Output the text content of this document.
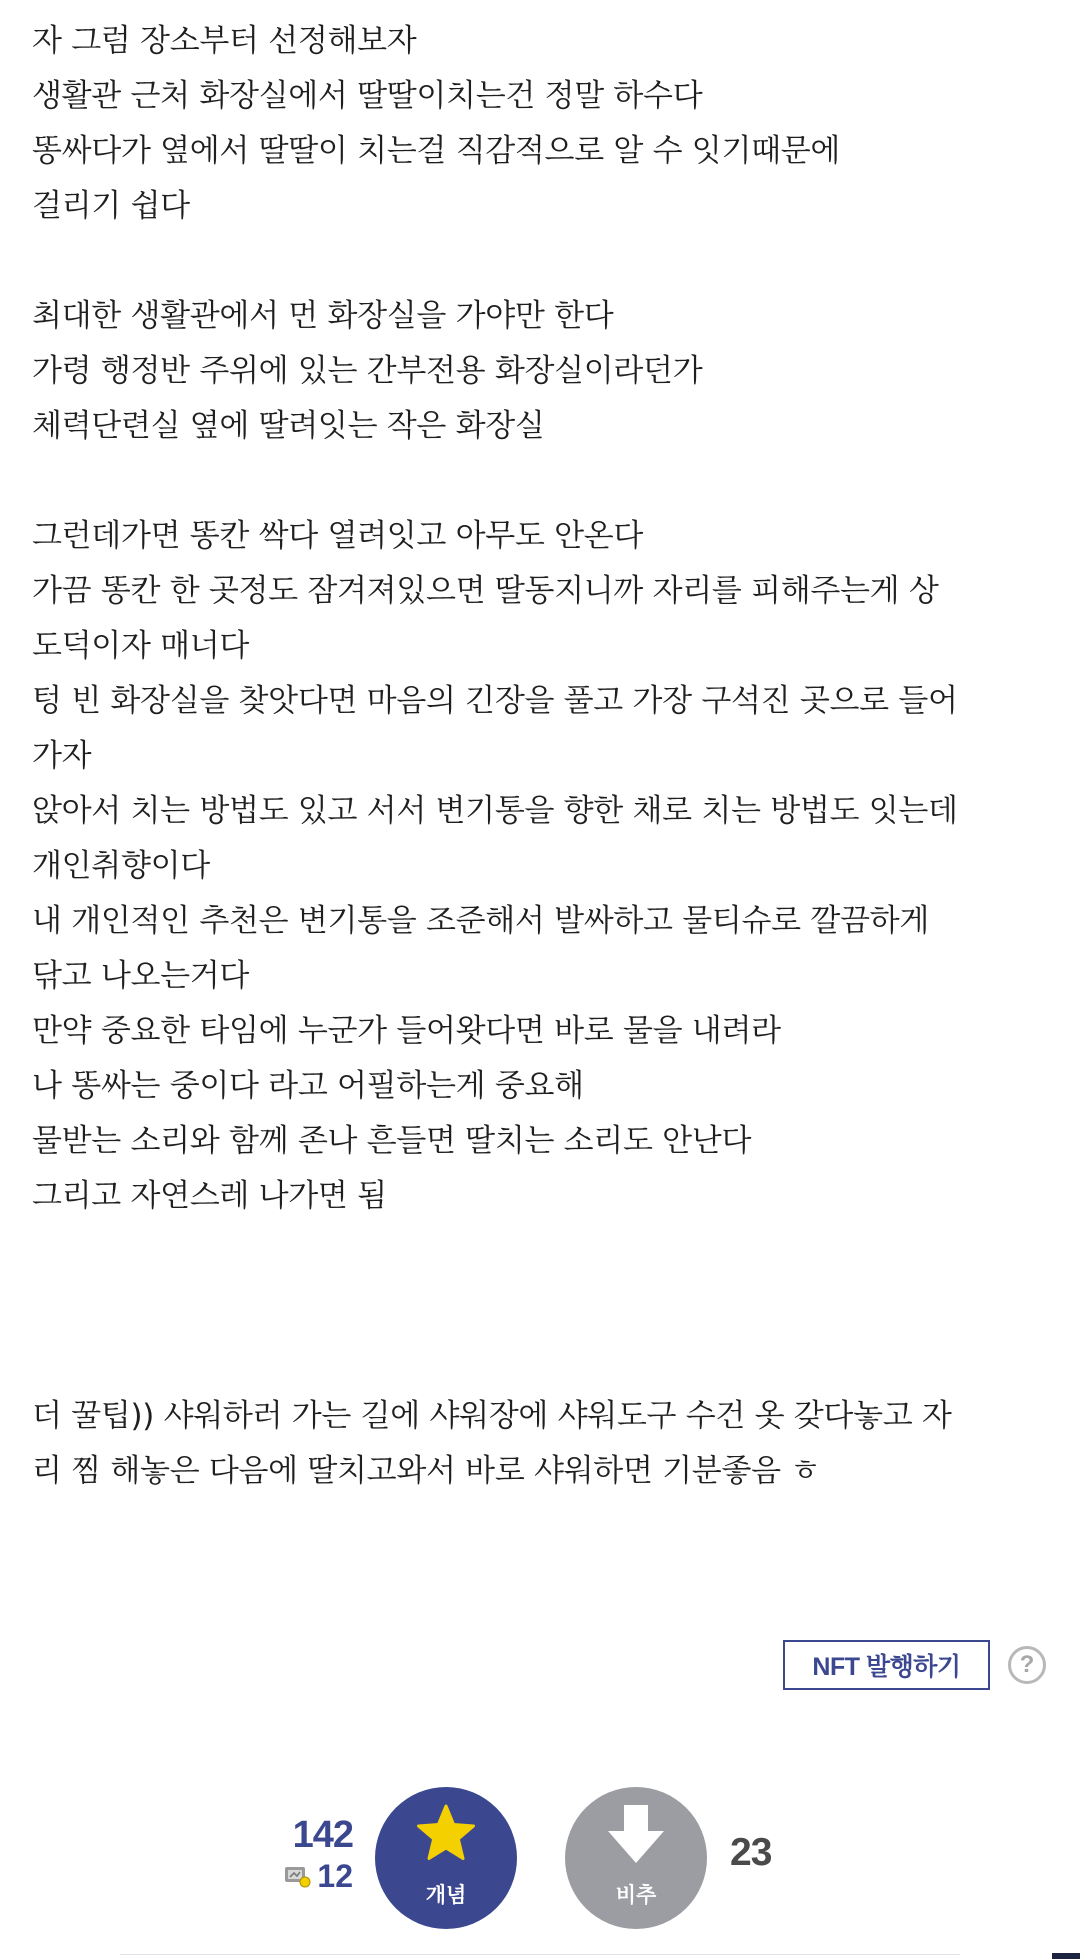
자 그럼 장소부터 선정해보자
생활관 근처 화장실에서 딸딸이치는건 정말 하수다
똥싸다가 옆에서 딸딸이 치는걸 직감적으로 알 수 잇기때문에
걸리기 쉽다
최대한 생활관에서 먼 화장실을 가야만 한다
가령 행정반 주위에 있는 간부전용 화장실이라던가
체력단련실 옆에 딸려잇는 작은 화장실
그런데가면 똥칸 싹다 열려잇고 아무도 안온다
가끔 똥칸 한 곳정도 잠겨져있으면 딸동지니까 자리를 피해주는게 상
도덕이자 매너다
텅 빈 화장실을 찾앗다면 마음의 긴장을 풀고 가장 구석진 곳으로 들어
가자
앉아서 치는 방법도 있고 서서 변기통을 향한 채로 치는 방법도 잇는데
개인취향이다
내 개인적인 추천은 변기통을 조준해서 발싸하고 물티슈로 깔끔하게
닦고 나오는거다
만약 중요한 타임에 누군가 들어왓다면 바로 물을 내려라
나 똥싸는 중이다 라고 어필하는게 중요해
물받는 소리와 함께 존나 흔들면 딸치는 소리도 안난다
그리고 자연스레 나가면 됨
더 꿀팁)) 샤워하러 가는 길에 샤워장에 샤워도구 수건 옷 갖다놓고 자
리 찜 해놓은 다음에 딸치고와서 바로 샤워하면 기분좋음 ㅎ
NFT 발행하기	?
142
12
개념	비추
23
